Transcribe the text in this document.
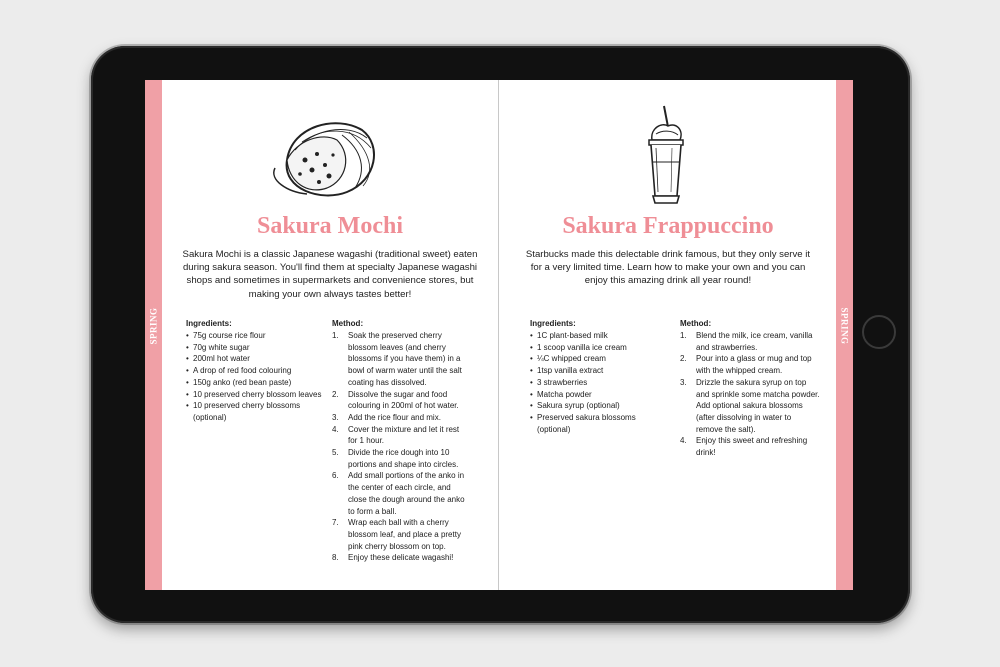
SPRING	SPRING
Sakura Mochi

Sakura Mochi is a classic Japanese wagashi (traditional sweet) eaten during sakura season. You'll find them at specialty Japanese wagashi shops and sometimes in supermarkets and convenience stores, but making your own always tastes better!

Ingredients:

• 75g course rice flour
• 70g white sugar
• 200ml hot water
• A drop of red food colouring
• 150g anko (red bean paste)
• 10 preserved cherry blossom leaves
• 10 preserved cherry blossoms (optional)

Method:

1. Soak the preserved cherry blossom leaves (and cherry blossoms if you have them) in a bowl of warm water until the salt coating has dissolved.
2. Dissolve the sugar and food colouring in 200ml of hot water.
3. Add the rice flour and mix.
4. Cover the mixture and let it rest for 1 hour.
5. Divide the rice dough into 10 portions and shape into circles.
6. Add small portions of the anko in the center of each circle, and close the dough around the anko to form a ball.
7. Wrap each ball with a cherry blossom leaf, and place a pretty pink cherry blossom on top.
8. Enjoy these delicate wagashi!
Sakura Frappuccino

Starbucks made this delectable drink famous, but they only serve it for a very limited time. Learn how to make your own and you can enjoy this amazing drink all year round!

Ingredients:

• 1C plant-based milk
• 1 scoop vanilla ice cream
• ¼C whipped cream
• 1tsp vanilla extract
• 3 strawberries
• Matcha powder
• Sakura syrup (optional)
• Preserved sakura blossoms (optional)

Method:

1. Blend the milk, ice cream, vanilla and strawberries.
2. Pour into a glass or mug and top with the whipped cream.
3. Drizzle the sakura syrup on top and sprinkle some matcha powder. Add optional sakura blossoms (after dissolving in water to remove the salt).
4. Enjoy this sweet and refreshing drink!
